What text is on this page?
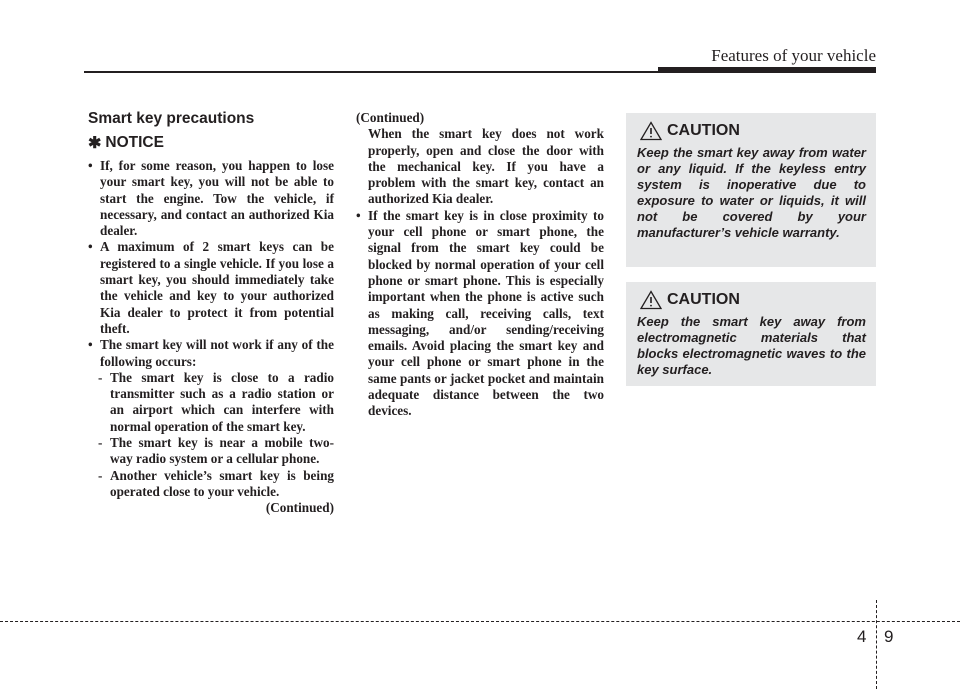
Features of your vehicle
Smart key precautions
✱ NOTICE

• If, for some reason, you happen to lose your smart key, you will not be able to start the engine. Tow the vehicle, if necessary, and contact an authorized Kia dealer.

• A maximum of 2 smart keys can be registered to a single vehicle. If you lose a smart key, you should immediately take the vehicle and key to your authorized Kia dealer to protect it from potential theft.

• The smart key will not work if any of the following occurs:

- The smart key is close to a radio transmitter such as a radio station or an airport which can interfere with normal operation of the smart key.

- The smart key is near a mobile two-way radio system or a cellular phone.

- Another vehicle’s smart key is being operated close to your vehicle.

(Continued)

(Continued)

When the smart key does not work properly, open and close the door with the mechanical key. If you have a problem with the smart key, contact an authorized Kia dealer.

• If the smart key is in close proximity to your cell phone or smart phone, the signal from the smart key could be blocked by normal operation of your cell phone or smart phone. This is especially important when the phone is active such as making call, receiving calls, text messaging, and/or sending/receiving emails. Avoid placing the smart key and your cell phone or smart phone in the same pants or jacket pocket and maintain adequate distance between the two devices.

CAUTION
Keep the smart key away from water or any liquid. If the keyless entry system is inoperative due to exposure to water or liquids, it will not be covered by your manufacturer’s vehicle warranty.
CAUTION
Keep the smart key away from electromagnetic materials that blocks electromagnetic waves to the key surface.
4 9
